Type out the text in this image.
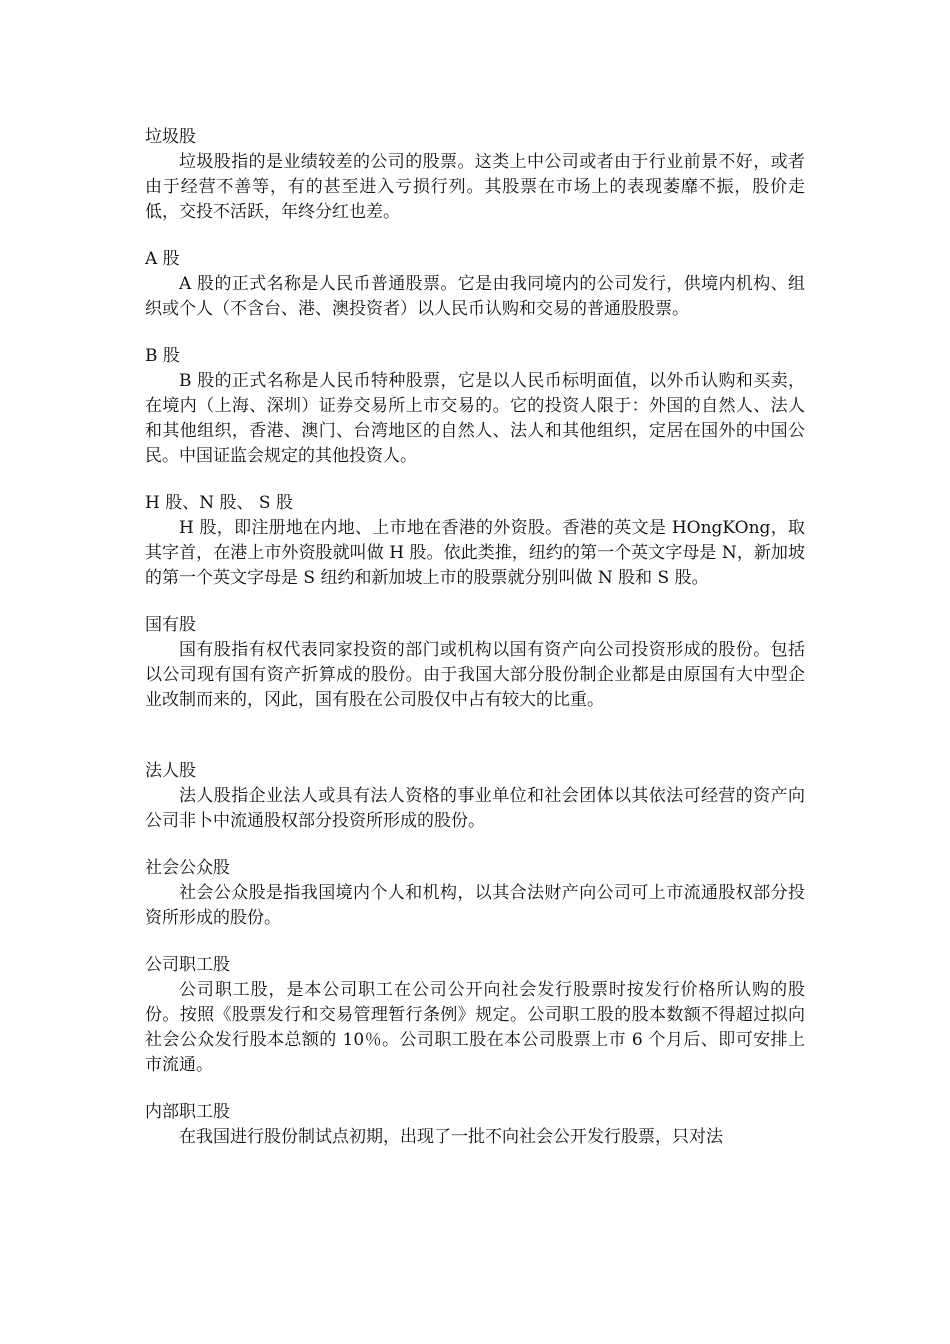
垃圾股

垃圾股指的是业绩较差的公司的股票。这类上中公司或者由于行业前景不好，或者由于经营不善等，有的甚至进入亏损行列。其股票在市场上的表现萎靡不振，股价走低，交投不活跃，年终分红也差。

A 股

A 股的正式名称是人民币普通股票。它是由我同境内的公司发行，供境内机构、组织或个人（不含台、港、澳投资者）以人民币认购和交易的普通股股票。

B 股

B 股的正式名称是人民币特种股票，它是以人民币标明面值，以外币认购和买卖，在境内（上海、深圳）证券交易所上市交易的。它的投资人限于：外国的自然人、法人和其他组织，香港、澳门、台湾地区的自然人、法人和其他组织，定居在国外的中国公民。中国证监会规定的其他投资人。

H 股、N 股、 S 股

H 股，即注册地在内地、上市地在香港的外资股。香港的英文是 HOngKOng，取其字首，在港上市外资股就叫做 H 股。依此类推，纽约的第一个英文字母是 N，新加坡的第一个英文字母是 S 纽约和新加坡上市的股票就分别叫做 N 股和 S 股。

国有股

国有股指有权代表同家投资的部门或机构以国有资产向公司投资形成的股份。包括以公司现有国有资产折算成的股份。由于我国大部分股份制企业都是由原国有大中型企业改制而来的，冈此，国有股在公司股仅中占有较大的比重。

法人股

法人股指企业法人或具有法人资格的事业单位和社会团体以其依法可经营的资产向公司非卜中流通股权部分投资所形成的股份。

社会公众股

社会公众股是指我国境内个人和机构，以其合法财产向公司可上市流通股权部分投资所形成的股份。

公司职工股

公司职工股，是本公司职工在公司公开向社会发行股票时按发行价格所认购的股份。按照《股票发行和交易管理暂行条例》规定。公司职工股的股本数额不得超过拟向社会公众发行股本总额的 10％。公司职工股在本公司股票上市 6 个月后、即可安排上市流通。

内部职工股

在我国进行股份制试点初期，出现了一批不向社会公开发行股票，只对法
